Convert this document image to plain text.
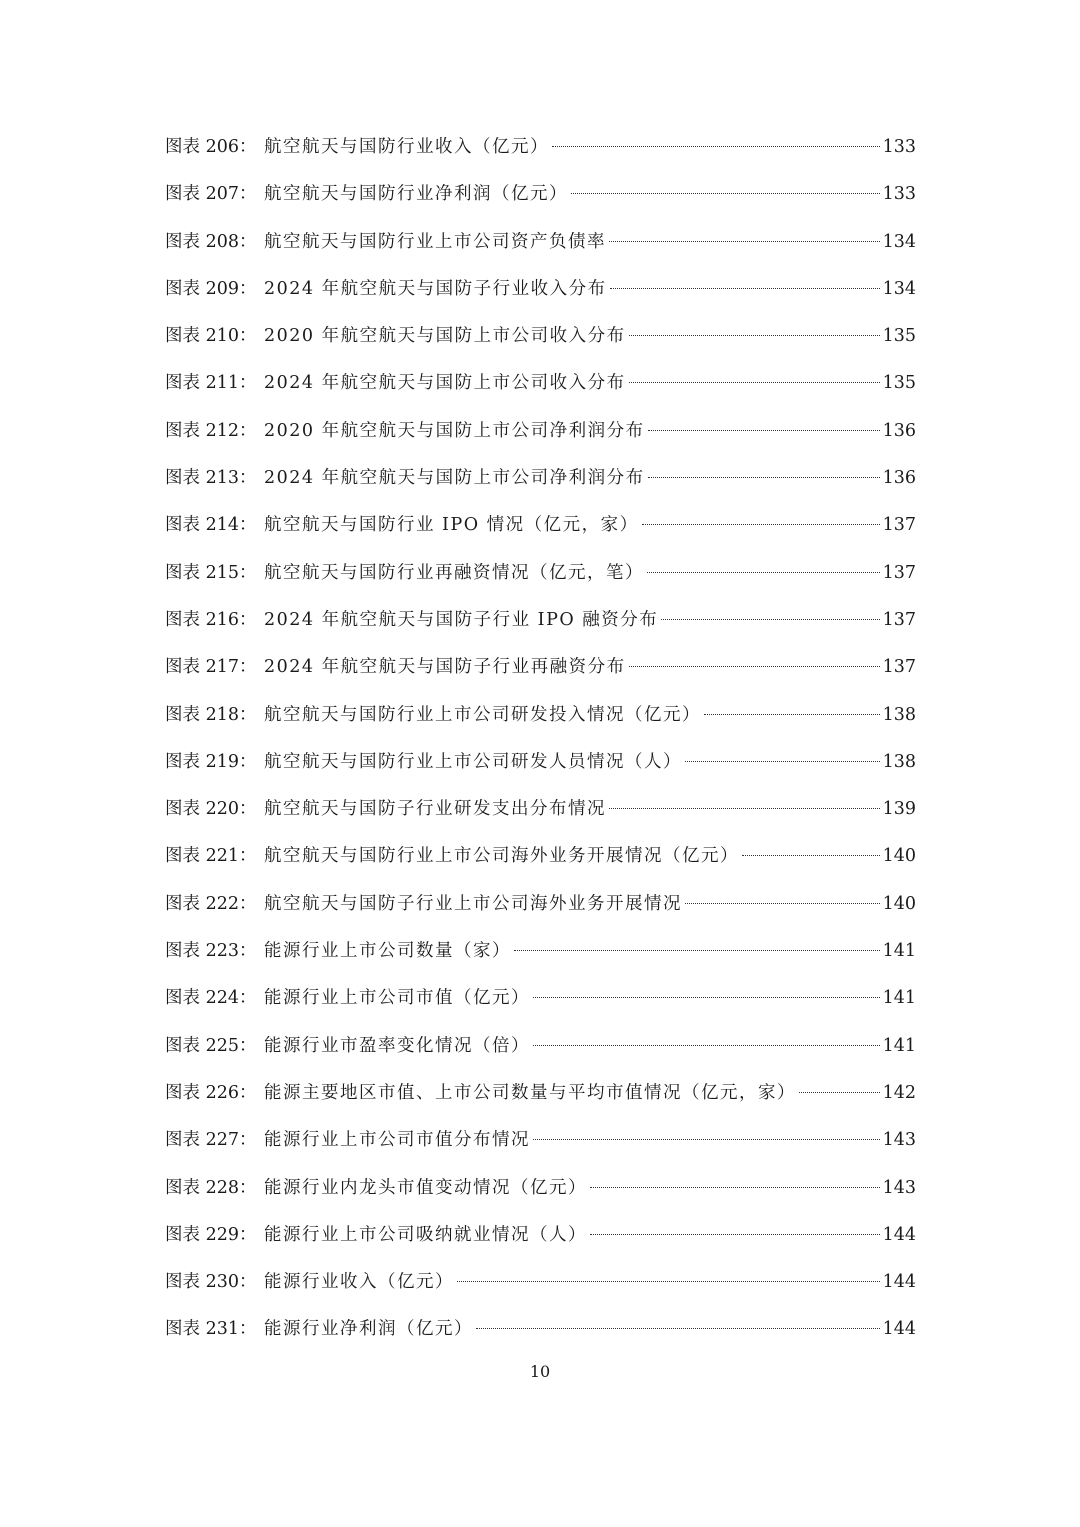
图表 206： 航空航天与国防行业收入（亿元）	133
图表 207： 航空航天与国防行业净利润（亿元）	133
图表 208： 航空航天与国防行业上市公司资产负债率	134
图表 209： 2024 年航空航天与国防子行业收入分布	134
图表 210： 2020 年航空航天与国防上市公司收入分布	135
图表 211： 2024 年航空航天与国防上市公司收入分布	135
图表 212： 2020 年航空航天与国防上市公司净利润分布	136
图表 213： 2024 年航空航天与国防上市公司净利润分布	136
图表 214： 航空航天与国防行业 IPO 情况（亿元，家）	137
图表 215： 航空航天与国防行业再融资情况（亿元，笔）	137
图表 216： 2024 年航空航天与国防子行业 IPO 融资分布	137
图表 217： 2024 年航空航天与国防子行业再融资分布	137
图表 218： 航空航天与国防行业上市公司研发投入情况（亿元）	138
图表 219： 航空航天与国防行业上市公司研发人员情况（人）	138
图表 220： 航空航天与国防子行业研发支出分布情况	139
图表 221： 航空航天与国防行业上市公司海外业务开展情况（亿元）	140
图表 222： 航空航天与国防子行业上市公司海外业务开展情况	140
图表 223： 能源行业上市公司数量（家）	141
图表 224： 能源行业上市公司市值（亿元）	141
图表 225： 能源行业市盈率变化情况（倍）	141
图表 226： 能源主要地区市值、上市公司数量与平均市值情况（亿元，家）	142
图表 227： 能源行业上市公司市值分布情况	143
图表 228： 能源行业内龙头市值变动情况（亿元）	143
图表 229： 能源行业上市公司吸纳就业情况（人）	144
图表 230： 能源行业收入（亿元）	144
图表 231： 能源行业净利润（亿元）	144
10
